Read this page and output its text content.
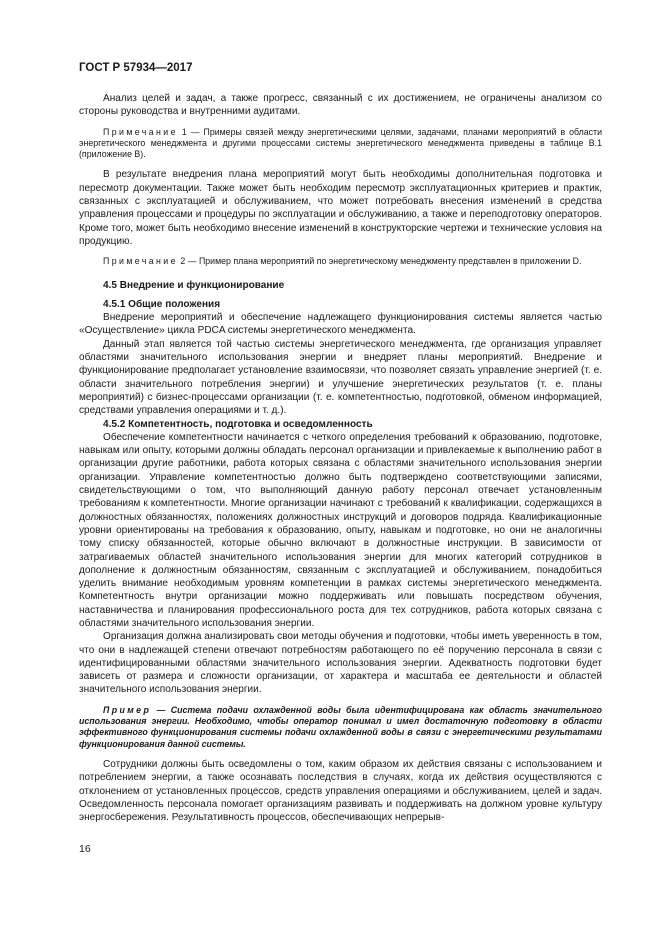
ГОСТ Р 57934—2017

Анализ целей и задач, а также прогресс, связанный с их достижением, не ограничены анализом со стороны руководства и внутренними аудитами.

Примечание 1 — Примеры связей между энергетическими целями, задачами, планами мероприятий в области энергетического менеджмента и другими процессами системы энергетического менеджмента приведены в таблице В.1 (приложение В).

В результате внедрения плана мероприятий могут быть необходимы дополнительная подготовка и пересмотр документации. Также может быть необходим пересмотр эксплуатационных критериев и практик, связанных с эксплуатацией и обслуживанием, что может потребовать внесения изменений в средства управления процессами и процедуры по эксплуатации и обслуживанию, а также и переподготовку операторов. Кроме того, может быть необходимо внесение изменений в конструкторские чертежи и технические условия на продукцию.

Примечание 2 — Пример плана мероприятий по энергетическому менеджменту представлен в приложении D.

4.5 Внедрение и функционирование
4.5.1 Общие положения

Внедрение мероприятий и обеспечение надлежащего функционирования системы является частью «Осуществление» цикла PDCA системы энергетического менеджмента.

Данный этап является той частью системы энергетического менеджмента, где организация управляет областями значительного использования энергии и внедряет планы мероприятий. Внедрение и функционирование предполагает установление взаимосвязи, что позволяет связать управление энергией (т. е. области значительного потребления энергии) и улучшение энергетических результатов (т. е. планы мероприятий) с бизнес-процессами организации (т. е. компетентностью, подготовкой, обменом информацией, средствами управления операциями и т. д.).

4.5.2 Компетентность, подготовка и осведомленность

Обеспечение компетентности начинается с четкого определения требований к образованию, подготовке, навыкам или опыту, которыми должны обладать персонал организации и привлекаемые к выполнению работ в организации другие работники, работа которых связана с областями значительного использования энергии организации. Управление компетентностью должно быть подтверждено соответствующими записями, свидетельствующими о том, что выполняющий данную работу персонал отвечает установленным требованиям к компетентности. Многие организации начинают с требований к квалификации, содержащихся в должностных обязанностях, положениях должностных инструкций и договоров подряда. Квалификационные уровни ориентированы на требования к образованию, опыту, навыкам и подготовке, но они не аналогичны тому списку обязанностей, которые обычно включают в должностные инструкции. В зависимости от затрагиваемых областей значительного использования энергии для многих категорий сотрудников в дополнение к должностным обязанностям, связанным с эксплуатацией и обслуживанием, понадобиться уделить внимание необходимым уровням компетенции в рамках системы энергетического менеджмента. Компетентность внутри организации можно поддерживать или повышать посредством обучения, наставничества и планирования профессионального роста для тех сотрудников, работа которых связана с областями значительного использования энергии.

Организация должна анализировать свои методы обучения и подготовки, чтобы иметь уверенность в том, что они в надлежащей степени отвечают потребностям работающего по её поручению персонала в связи с идентифицированными областями значительного использования энергии. Адекватность подготовки будет зависеть от размера и сложности организации, от характера и масштаба ее деятельности и областей значительного использования энергии.

Пример — Система подачи охлажденной воды была идентифицирована как область значительного использования энергии. Необходимо, чтобы оператор понимал и имел достаточную подготовку в области эффективного функционирования системы подачи охлажденной воды в связи с энергетическими результатами функционирования данной системы.

Сотрудники должны быть осведомлены о том, каким образом их действия связаны с использованием и потреблением энергии, а также осознавать последствия в случаях, когда их действия осуществляются с отклонением от установленных процессов, средств управления операциями и обслуживанием, целей и задач. Осведомленность персонала помогает организациям развивать и поддерживать на должном уровне культуру энергосбережения. Результативность процессов, обеспечивающих непрерыв-

16
